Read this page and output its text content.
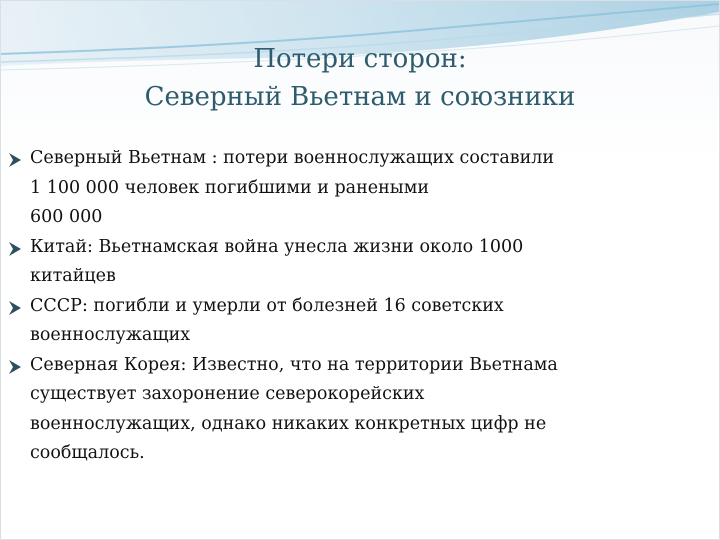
Потери сторон:
Северный Вьетнам и союзники
Северный Вьетнам : потери военнослужащих составили
1 100 000 человек погибшими и ранеными
600 000
Китай: Вьетнамская война унесла жизни около 1000
китайцев
СССР: погибли и умерли от болезней 16 советских
военнослужащих
Северная Корея: Известно, что на территории Вьетнама
существует захоронение северокорейских
военнослужащих, однако никаких конкретных цифр не
сообщалось.
